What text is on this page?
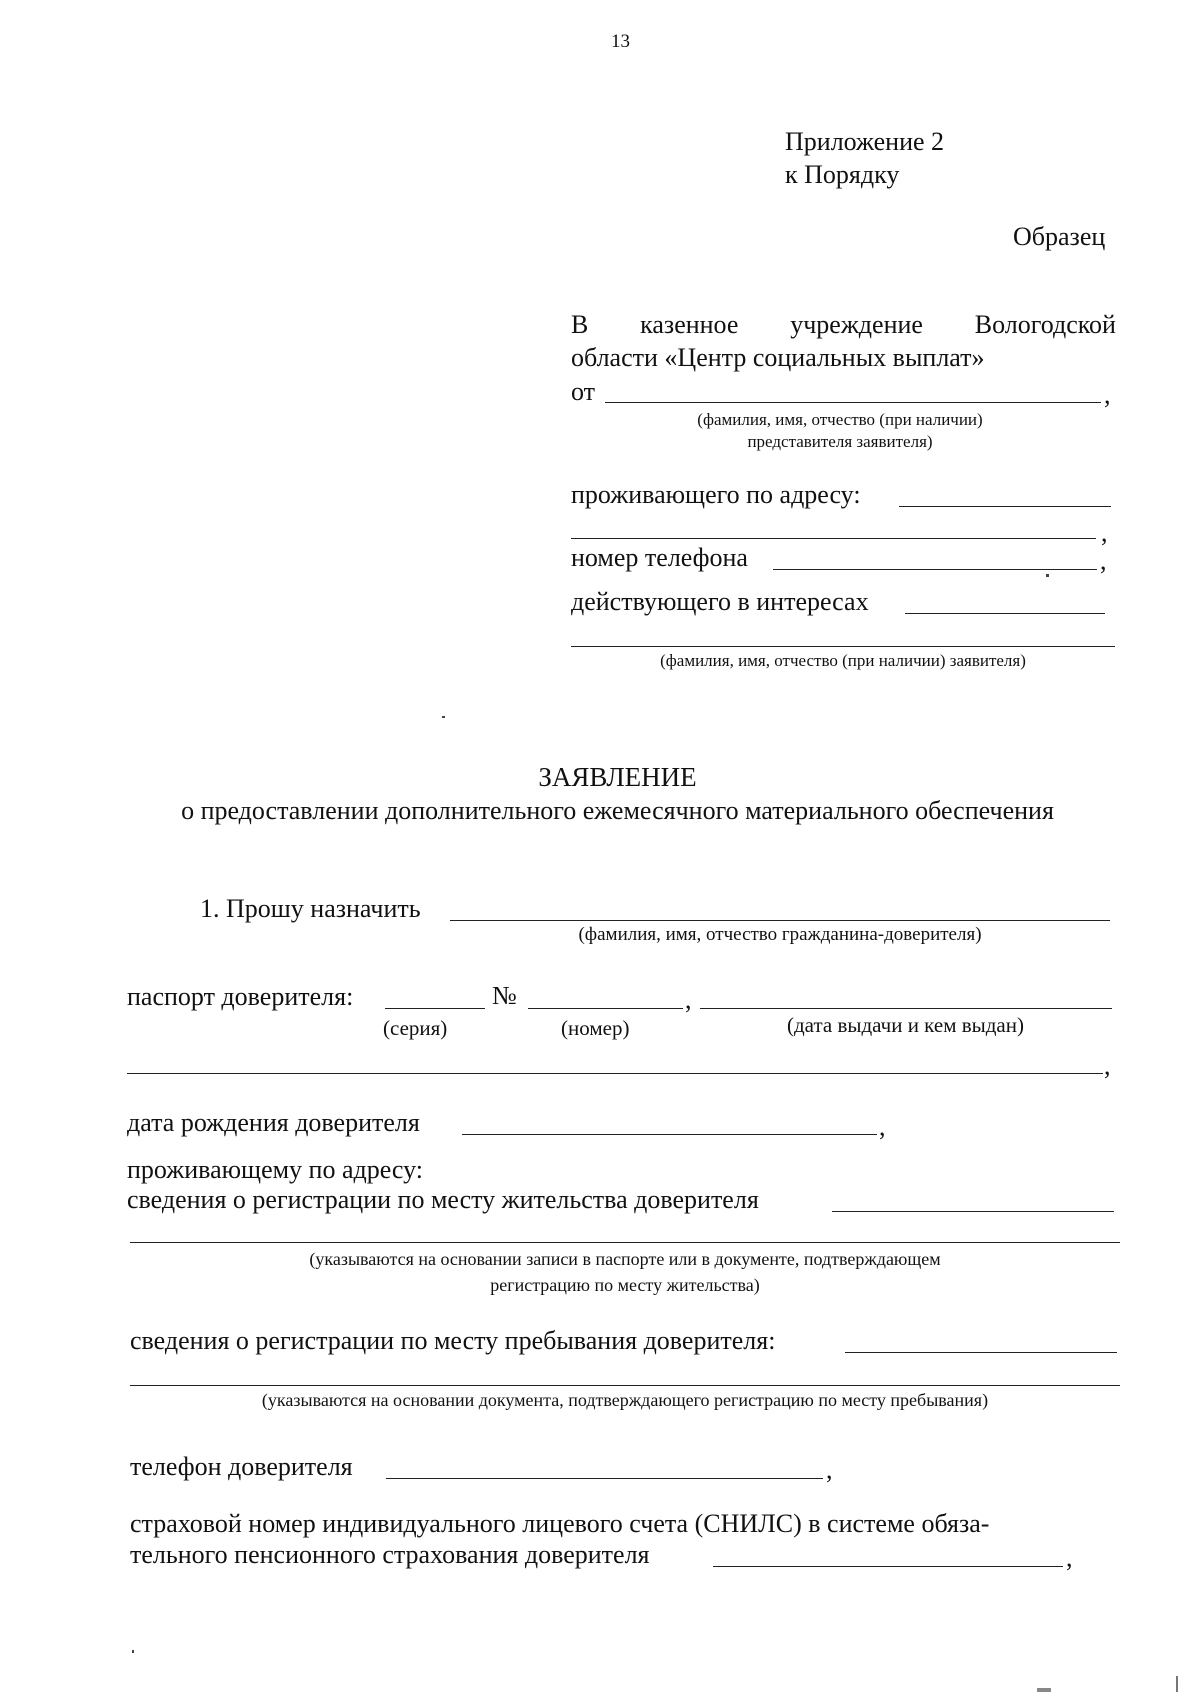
13
Приложение 2
к Порядку
Образец
В казенное учреждение Вологодской
области «Центр социальных выплат»
от	,
(фамилия, имя, отчество (при наличии)
представителя заявителя)
проживающего по адресу:
,
номер телефона	,
действующего в интересах
(фамилия, имя, отчество (при наличии) заявителя)
ЗАЯВЛЕНИЕ
о предоставлении дополнительного ежемесячного материального обеспечения
1. Прошу назначить
(фамилия, имя, отчество гражданина-доверителя)
паспорт доверителя:	№	,
(серия)	(номер)	(дата выдачи и кем выдан)
,
дата рождения доверителя	,
проживающему по адресу:
сведения о регистрации по месту жительства доверителя
(указываются на основании записи в паспорте или в документе, подтверждающем
регистрацию по месту жительства)
сведения о регистрации по месту пребывания доверителя:
(указываются на основании документа, подтверждающего регистрацию по месту пребывания)
телефон доверителя	,
страховой номер индивидуального лицевого счета (СНИЛС) в системе обяза-
тельного пенсионного страхования доверителя	,
